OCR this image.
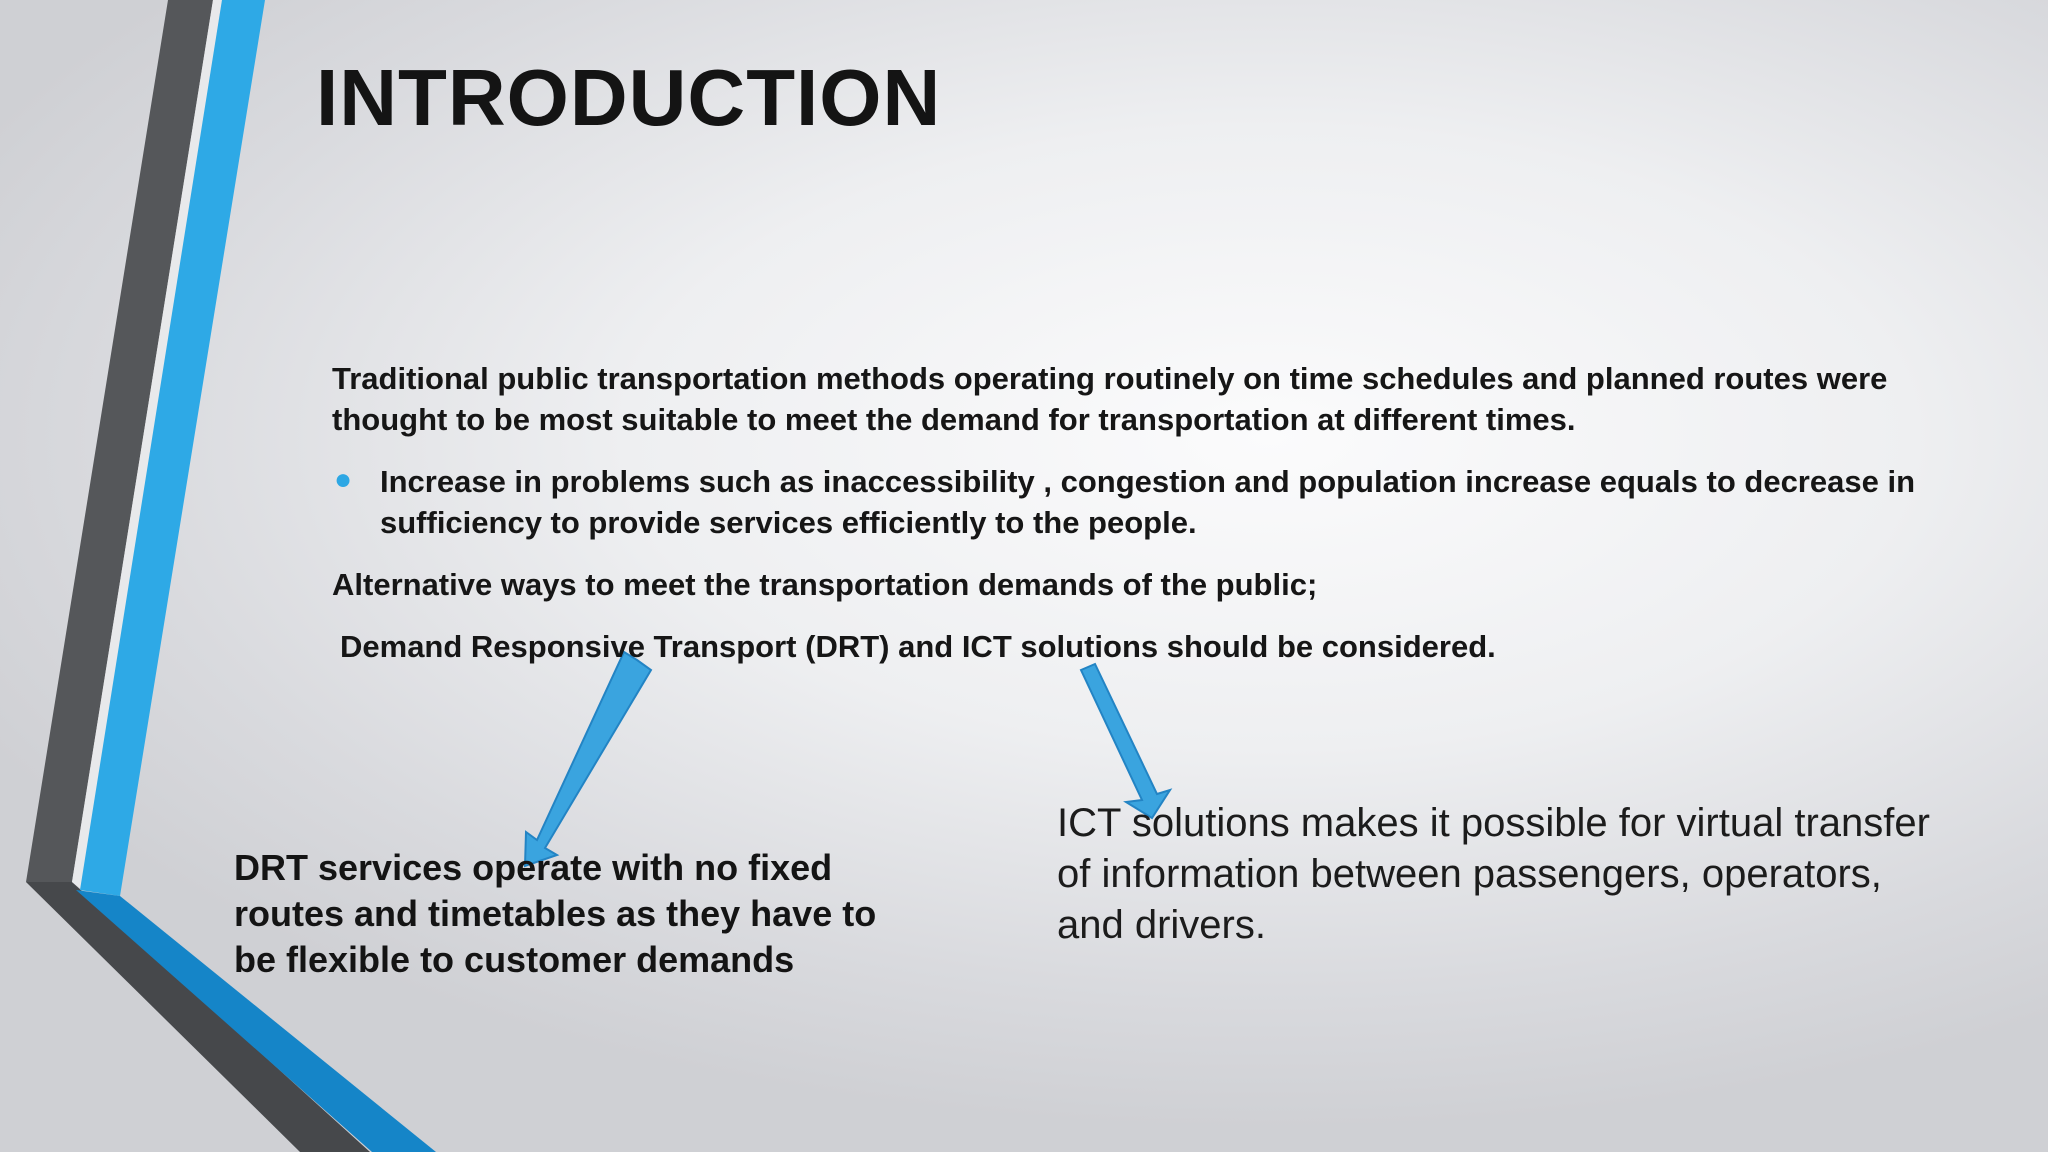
INTRODUCTION

Traditional public transportation methods operating routinely on time schedules and planned routes were thought to be most suitable to meet the demand for transportation at different times.

● Increase in problems such as inaccessibility , congestion and population increase equals to decrease in sufficiency to provide services efficiently to the people.

Alternative ways to meet the transportation demands of the public;

Demand Responsive Transport (DRT) and ICT solutions should be considered.

DRT services operate with no fixed routes and timetables as they have to be flexible to customer demands
ICT solutions makes it possible for virtual transfer of information between passengers, operators, and drivers.
